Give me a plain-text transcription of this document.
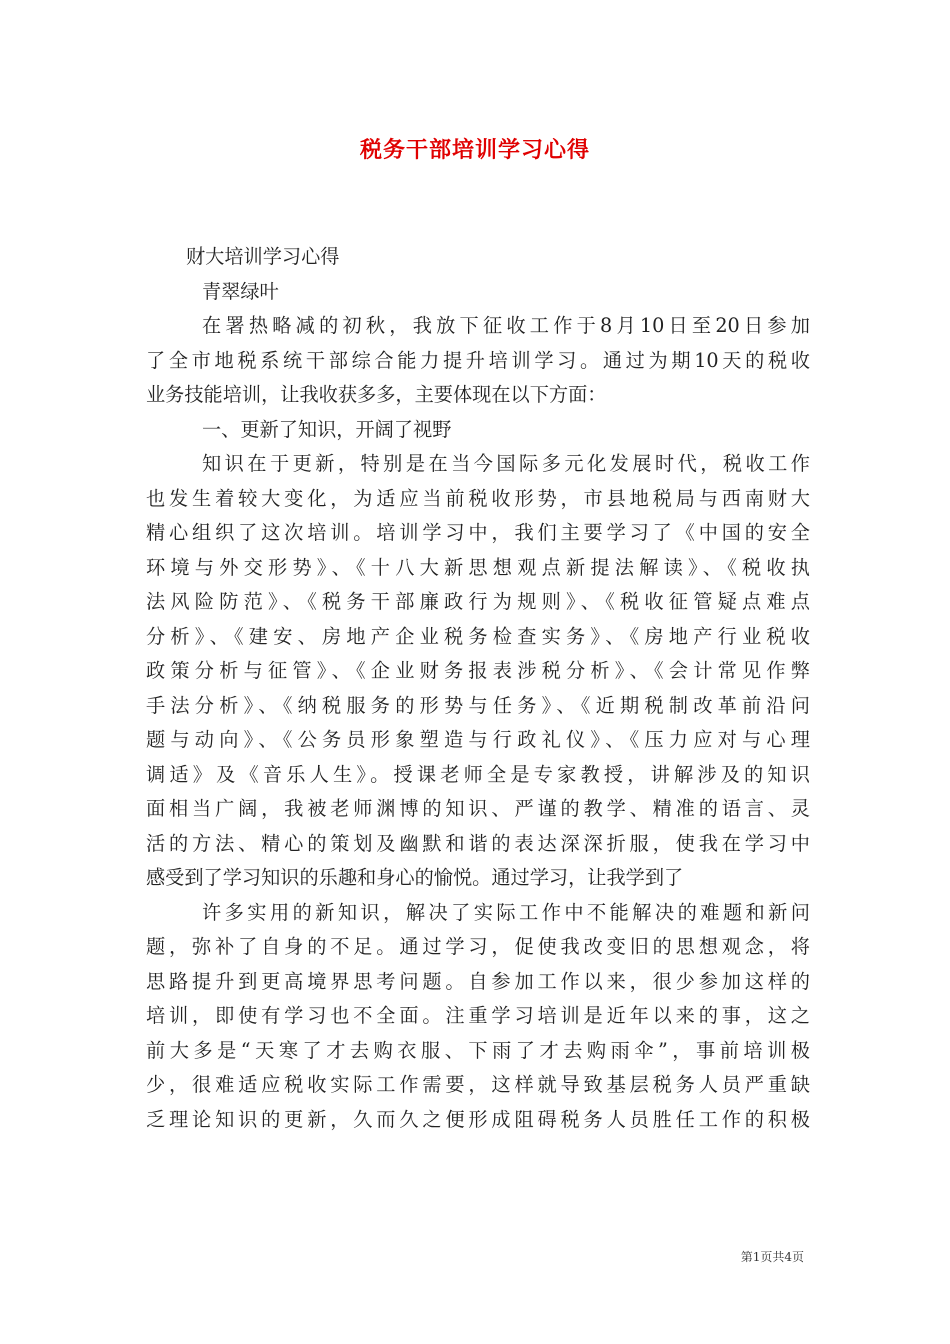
税务干部培训学习心得
财大培训学习心得
青翠绿叶
在署热略减的初秋，我放下征收工作于8月10日至20日参加
了全市地税系统干部综合能力提升培训学习。通过为期10天的税收
业务技能培训，让我收获多多，主要体现在以下方面：
一、更新了知识，开阔了视野
知识在于更新，特别是在当今国际多元化发展时代，税收工作
也发生着较大变化，为适应当前税收形势，市县地税局与西南财大
精心组织了这次培训。培训学习中，我们主要学习了《中国的安全
环境与外交形势》、《十八大新思想观点新提法解读》、《税收执
法风险防范》、《税务干部廉政行为规则》、《税收征管疑点难点
分析》、《建安、房地产企业税务检查实务》、《房地产行业税收
政策分析与征管》、《企业财务报表涉税分析》、《会计常见作弊
手法分析》、《纳税服务的形势与任务》、《近期税制改革前沿问
题与动向》、《公务员形象塑造与行政礼仪》、《压力应对与心理
调适》及《音乐人生》。授课老师全是专家教授，讲解涉及的知识
面相当广阔，我被老师渊博的知识、严谨的教学、精准的语言、灵
活的方法、精心的策划及幽默和谐的表达深深折服，使我在学习中
感受到了学习知识的乐趣和身心的愉悦。通过学习，让我学到了
许多实用的新知识，解决了实际工作中不能解决的难题和新问
题，弥补了自身的不足。通过学习，促使我改变旧的思想观念，将
思路提升到更高境界思考问题。自参加工作以来，很少参加这样的
培训，即使有学习也不全面。注重学习培训是近年以来的事，这之
前大多是“天寒了才去购衣服、下雨了才去购雨伞”，事前培训极
少，很难适应税收实际工作需要，这样就导致基层税务人员严重缺
乏理论知识的更新，久而久之便形成阻碍税务人员胜任工作的积极
第1页共4页
